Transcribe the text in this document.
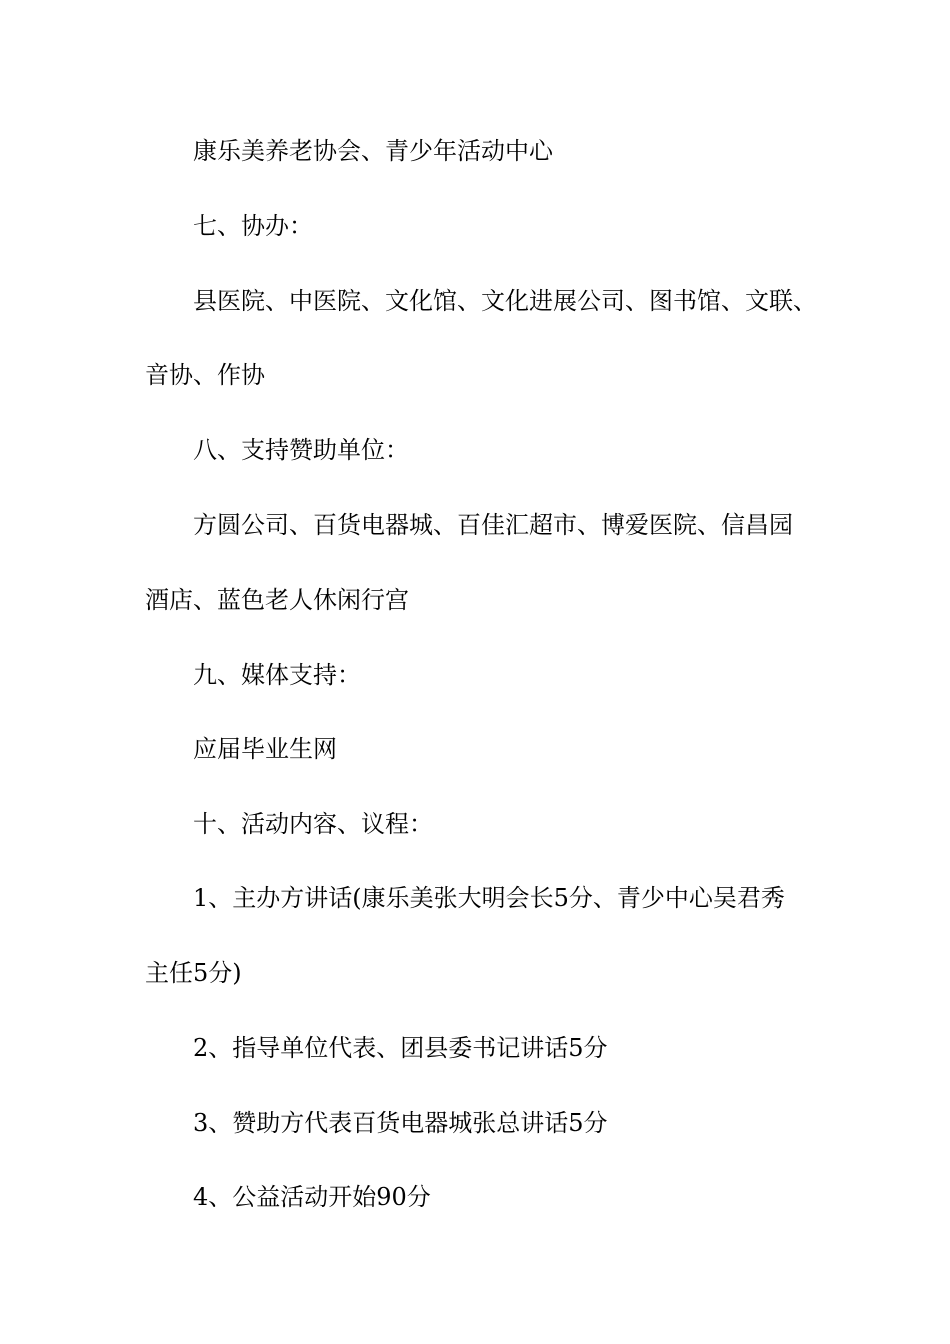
康乐美养老协会、青少年活动中心
七、协办：
县医院、中医院、文化馆、文化进展公司、图书馆、文联、
音协、作协
八、支持赞助单位：
方圆公司、百货电器城、百佳汇超市、博爱医院、信昌园
酒店、蓝色老人休闲行宫
九、媒体支持：
应届毕业生网
十、活动内容、议程：
1、主办方讲话(康乐美张大明会长5分、青少中心吴君秀
主任5分)
2、指导单位代表、团县委书记讲话5分
3、赞助方代表百货电器城张总讲话5分
4、公益活动开始90分
